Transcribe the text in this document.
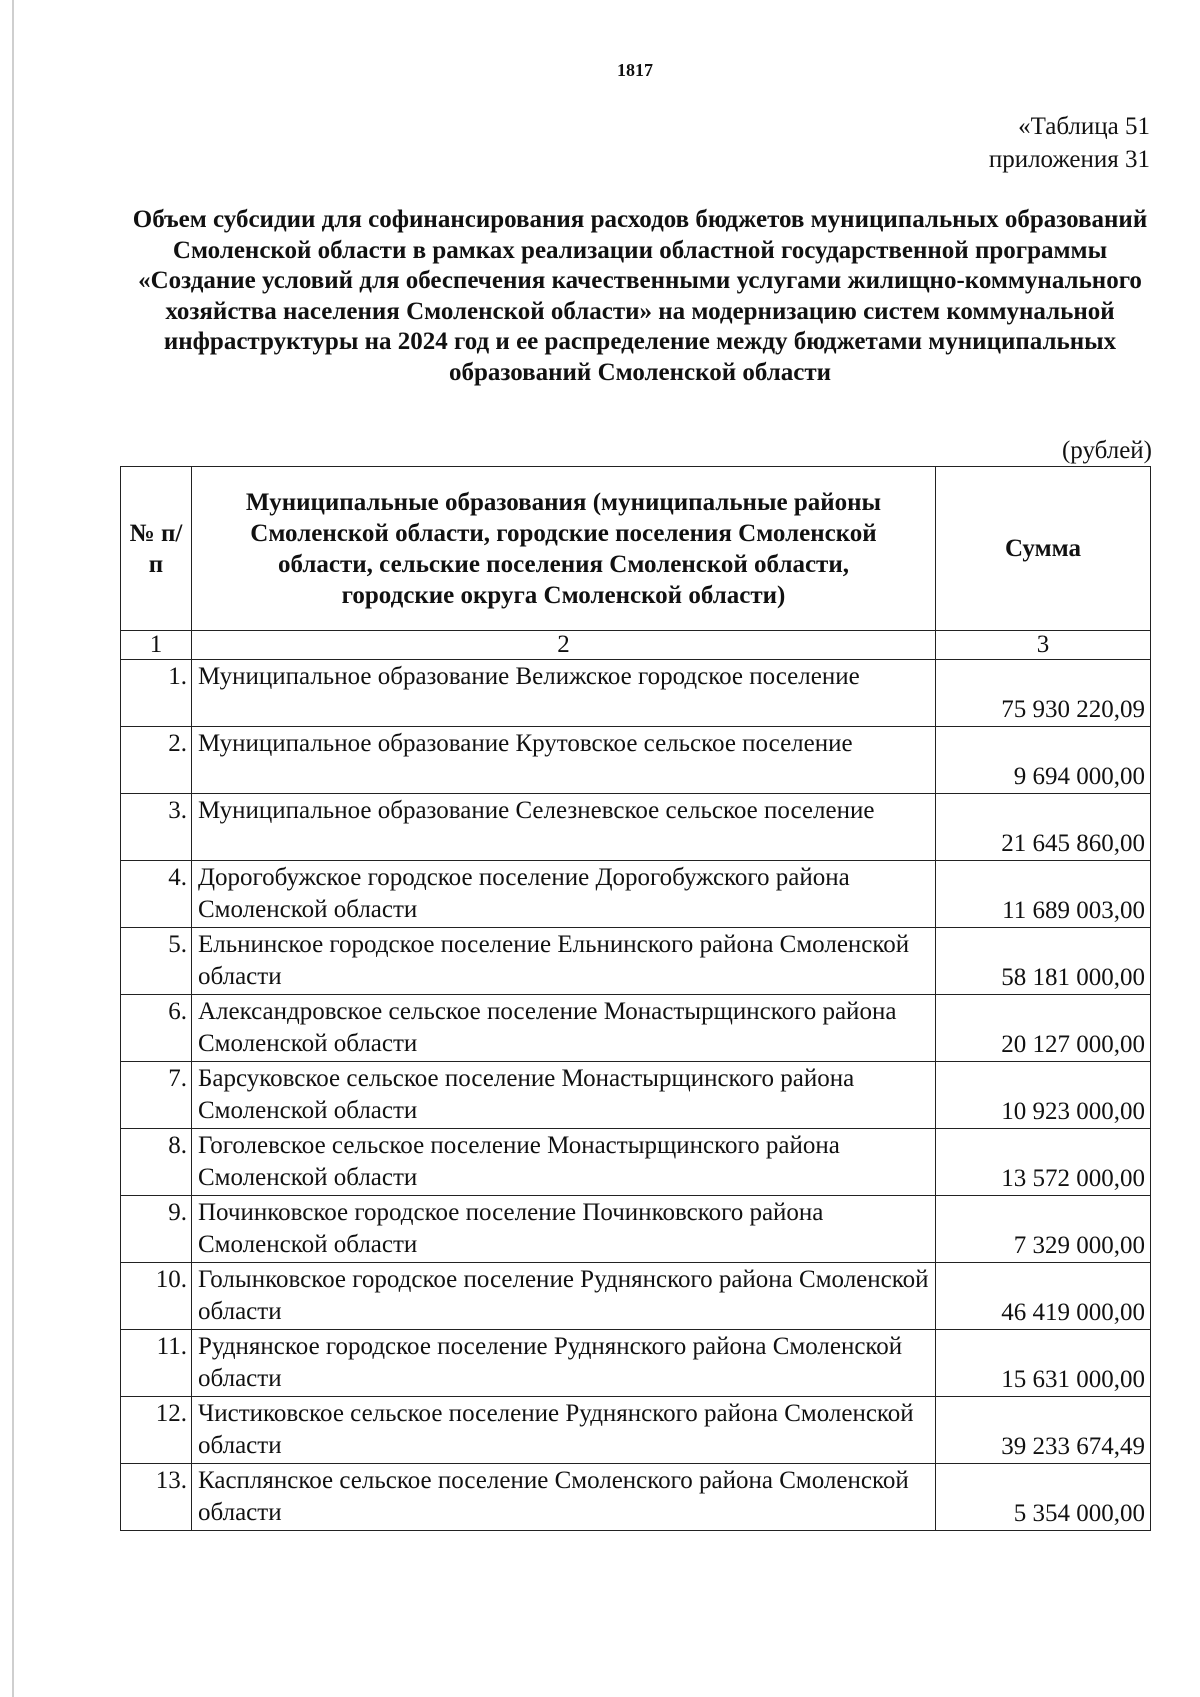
1817
«Таблица 51
приложения 31
Объем субсидии для софинансирования расходов бюджетов муниципальных образований Смоленской области в рамках реализации областной государственной программы «Создание условий для обеспечения качественными услугами жилищно-коммунального хозяйства населения Смоленской области» на модернизацию систем коммунальной инфраструктуры на 2024 год и ее распределение между бюджетами муниципальных образований Смоленской области
(рублей)
№ п/п	Муниципальные образования (муниципальные районы Смоленской области, городские поселения Смоленской области, сельские поселения Смоленской области, городские округа Смоленской области)	Сумма
1	2	3
1.	Муниципальное образование Велижское городское поселение	75 930 220,09
2.	Муниципальное образование Крутовское сельское поселение	9 694 000,00
3.	Муниципальное образование Селезневское сельское поселение	21 645 860,00
4.	Дорогобужское городское поселение Дорогобужского района Смоленской области	11 689 003,00
5.	Ельнинское городское поселение Ельнинского района Смоленской области	58 181 000,00
6.	Александровское сельское поселение Монастырщинского района Смоленской области	20 127 000,00
7.	Барсуковское сельское поселение Монастырщинского района Смоленской области	10 923 000,00
8.	Гоголевское сельское поселение Монастырщинского района Смоленской области	13 572 000,00
9.	Починковское городское поселение Починковского района Смоленской области	7 329 000,00
10.	Голынковское городское поселение Руднянского района Смоленской области	46 419 000,00
11.	Руднянское городское поселение Руднянского района Смоленской области	15 631 000,00
12.	Чистиковское сельское поселение Руднянского района Смоленской области	39 233 674,49
13.	Касплянское сельское поселение Смоленского района Смоленской области	5 354 000,00
